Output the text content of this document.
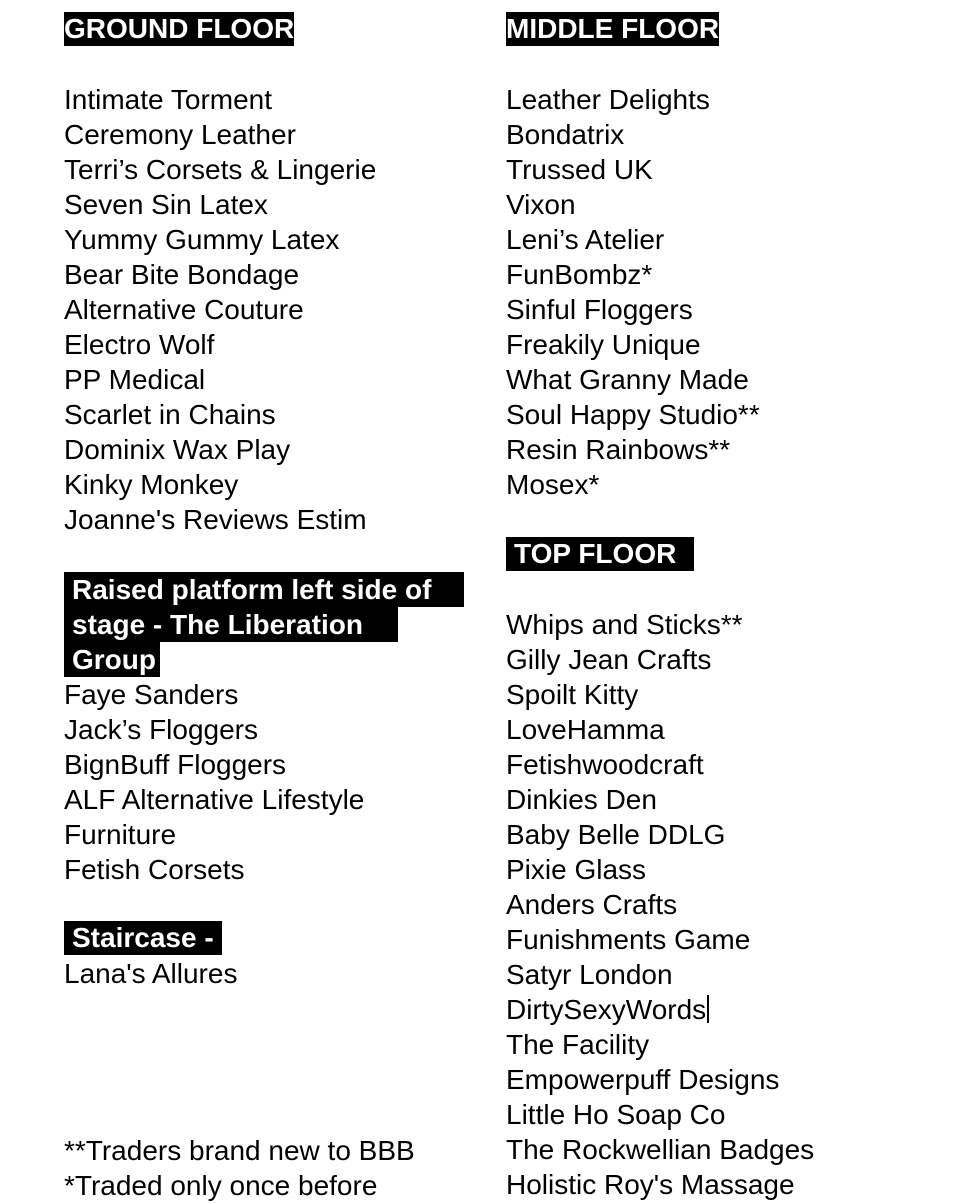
GROUND FLOOR
Intimate Torment
Ceremony Leather
Terri’s Corsets & Lingerie
Seven Sin Latex
Yummy Gummy Latex
Bear Bite Bondage
Alternative Couture
Electro Wolf
PP Medical
Scarlet in Chains
Dominix Wax Play
Kinky Monkey
Joanne's Reviews Estim
Raised platform left side of
stage - The Liberation
Group
Faye Sanders
Jack’s Floggers
BignBuff Floggers
ALF Alternative Lifestyle
Furniture
Fetish Corsets
Staircase -
Lana's Allures
**Traders brand new to BBB
*Traded only once before
MIDDLE FLOOR
Leather Delights
Bondatrix
Trussed UK
Vixon
Leni’s Atelier
FunBombz*
Sinful Floggers
Freakily Unique
What Granny Made
Soul Happy Studio**
Resin Rainbows**
Mosex*
TOP FLOOR
Whips and Sticks**
Gilly Jean Crafts
Spoilt Kitty
LoveHamma
Fetishwoodcraft
Dinkies Den
Baby Belle DDLG
Pixie Glass
Anders Crafts
Funishments Game
Satyr London
DirtySexyWords
The Facility
Empowerpuff Designs
Little Ho Soap Co
The Rockwellian Badges
Holistic Roy's Massage
